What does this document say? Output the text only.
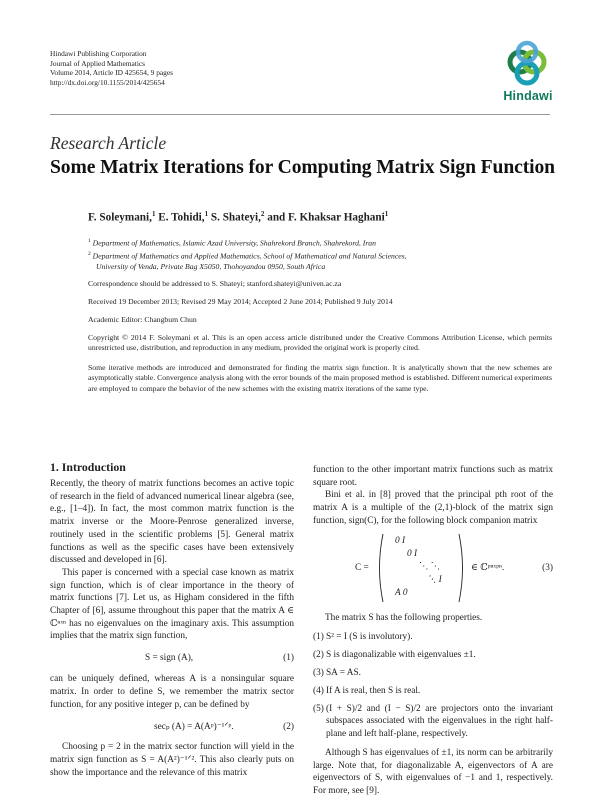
Hindawi Publishing Corporation
Journal of Applied Mathematics
Volume 2014, Article ID 425654, 9 pages
http://dx.doi.org/10.1155/2014/425654
Hindawi
Research Article
Some Matrix Iterations for Computing Matrix Sign Function
F. Soleymani,$^1$ E. Tohidi,$^1$ S. Shateyi,$^2$ and F. Khaksar Haghani$^1$
$^1$ Department of Mathematics, Islamic Azad University, Shahrekord Branch, Shahrekord, Iran
$^2$ Department of Mathematics and Applied Mathematics, School of Mathematical and Natural Sciences,
University of Venda, Private Bag X5050, Thohoyandou 0950, South Africa
Correspondence should be addressed to S. Shateyi; stanford.shateyi@univen.ac.za
Received 19 December 2013; Revised 29 May 2014; Accepted 2 June 2014; Published 9 July 2014
Academic Editor: Changbum Chun
Copyright © 2014 F. Soleymani et al. This is an open access article distributed under the Creative Commons Attribution License, which permits unrestricted use, distribution, and reproduction in any medium, provided the original work is properly cited.
Some iterative methods are introduced and demonstrated for finding the matrix sign function. It is analytically shown that the new schemes are asymptotically stable. Convergence analysis along with the error bounds of the main proposed method is established. Different numerical experiments are employed to compare the behavior of the new schemes with the existing matrix iterations of the same type.
1. Introduction

Recently, the theory of matrix functions becomes an active topic of research in the field of advanced numerical linear algebra (see, e.g., [1–4]). In fact, the most common matrix function is the matrix inverse or the Moore-Penrose generalized inverse, routinely used in the scientific problems [5]. General matrix functions as well as the specific cases have been extensively discussed and developed in [6].

This paper is concerned with a special case known as matrix sign function, which is of clear importance in the theory of matrix functions [7]. Let us, as Higham considered in the fifth Chapter of [6], assume throughout this paper that the matrix A ∈ ℂⁿˣⁿ has no eigenvalues on the imaginary axis. This assumption implies that the matrix sign function,

S = sign (A),	(1)

can be uniquely defined, whereas A is a nonsingular square matrix. In order to define S, we remember the matrix sector function, for any positive integer p, can be defined by

secₚ (A) = A(Aᵖ)⁻¹ᐟᵖ.	(2)

Choosing p = 2 in the matrix sector function will yield in the matrix sign function as S = A(A²)⁻¹ᐟ². This also clearly puts on show the importance and the relevance of this matrix

function to the other important matrix functions such as matrix square root.

Bini et al. in [8] proved that the principal pth root of the matrix A is a multiple of the (2,1)-block of the matrix sign function, sign(C), for the following block companion matrix

C =
0 I
0 I
⋱ ⋱
⋱ I
A 0
∈ ℂᵖⁿˣᵖⁿ.	(3)

The matrix S has the following properties.

(1) S² = I (S is involutory).
(2) S is diagonalizable with eigenvalues ±1.
(3) SA = AS.
(4) If A is real, then S is real.
(5) (I + S)/2 and (I − S)/2 are projectors onto the invariant subspaces associated with the eigenvalues in the right half-plane and left half-plane, respectively.

Although S has eigenvalues of ±1, its norm can be arbitrarily large. Note that, for diagonalizable A, eigenvectors of A are eigenvectors of S, with eigenvalues of −1 and 1, respectively. For more, see [9].
